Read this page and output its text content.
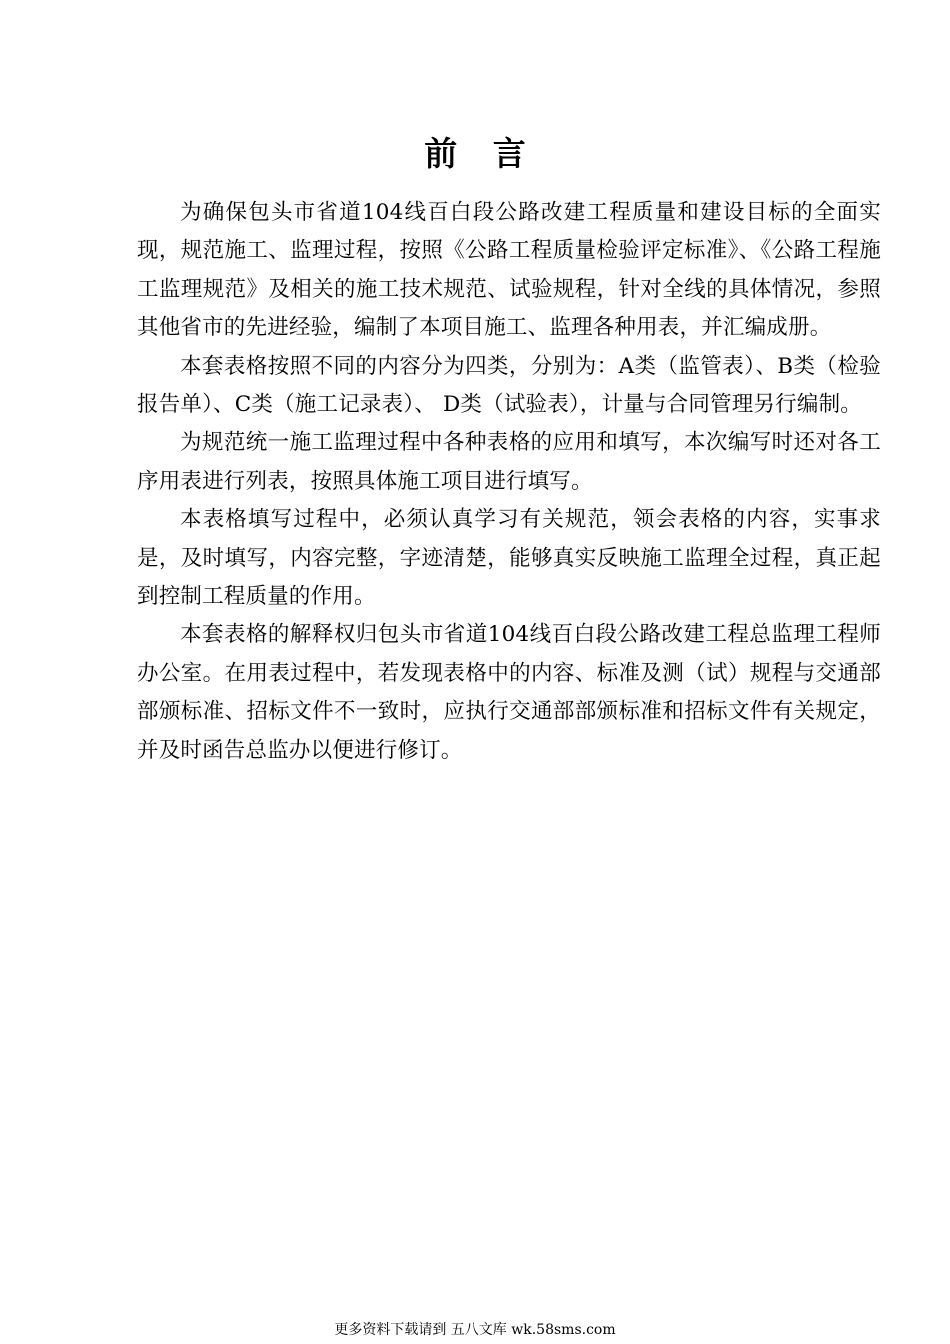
前 言

为确保包头市省道104线百白段公路改建工程质量和建设目标的全面实现，规范施工、监理过程，按照《公路工程质量检验评定标准》、《公路工程施工监理规范》及相关的施工技术规范、试验规程，针对全线的具体情况，参照其他省市的先进经验，编制了本项目施工、监理各种用表，并汇编成册。

本套表格按照不同的内容分为四类，分别为：A类（监管表）、B类（检验报告单）、C类（施工记录表）、 D类（试验表），计量与合同管理另行编制。

为规范统一施工监理过程中各种表格的应用和填写，本次编写时还对各工序用表进行列表，按照具体施工项目进行填写。

本表格填写过程中，必须认真学习有关规范，领会表格的内容，实事求是，及时填写，内容完整，字迹清楚，能够真实反映施工监理全过程，真正起到控制工程质量的作用。

本套表格的解释权归包头市省道104线百白段公路改建工程总监理工程师办公室。在用表过程中，若发现表格中的内容、标准及测（试）规程与交通部部颁标准、招标文件不一致时，应执行交通部部颁标准和招标文件有关规定，并及时函告总监办以便进行修订。

更多资料下载请到 五八文库 wk.58sms.com
